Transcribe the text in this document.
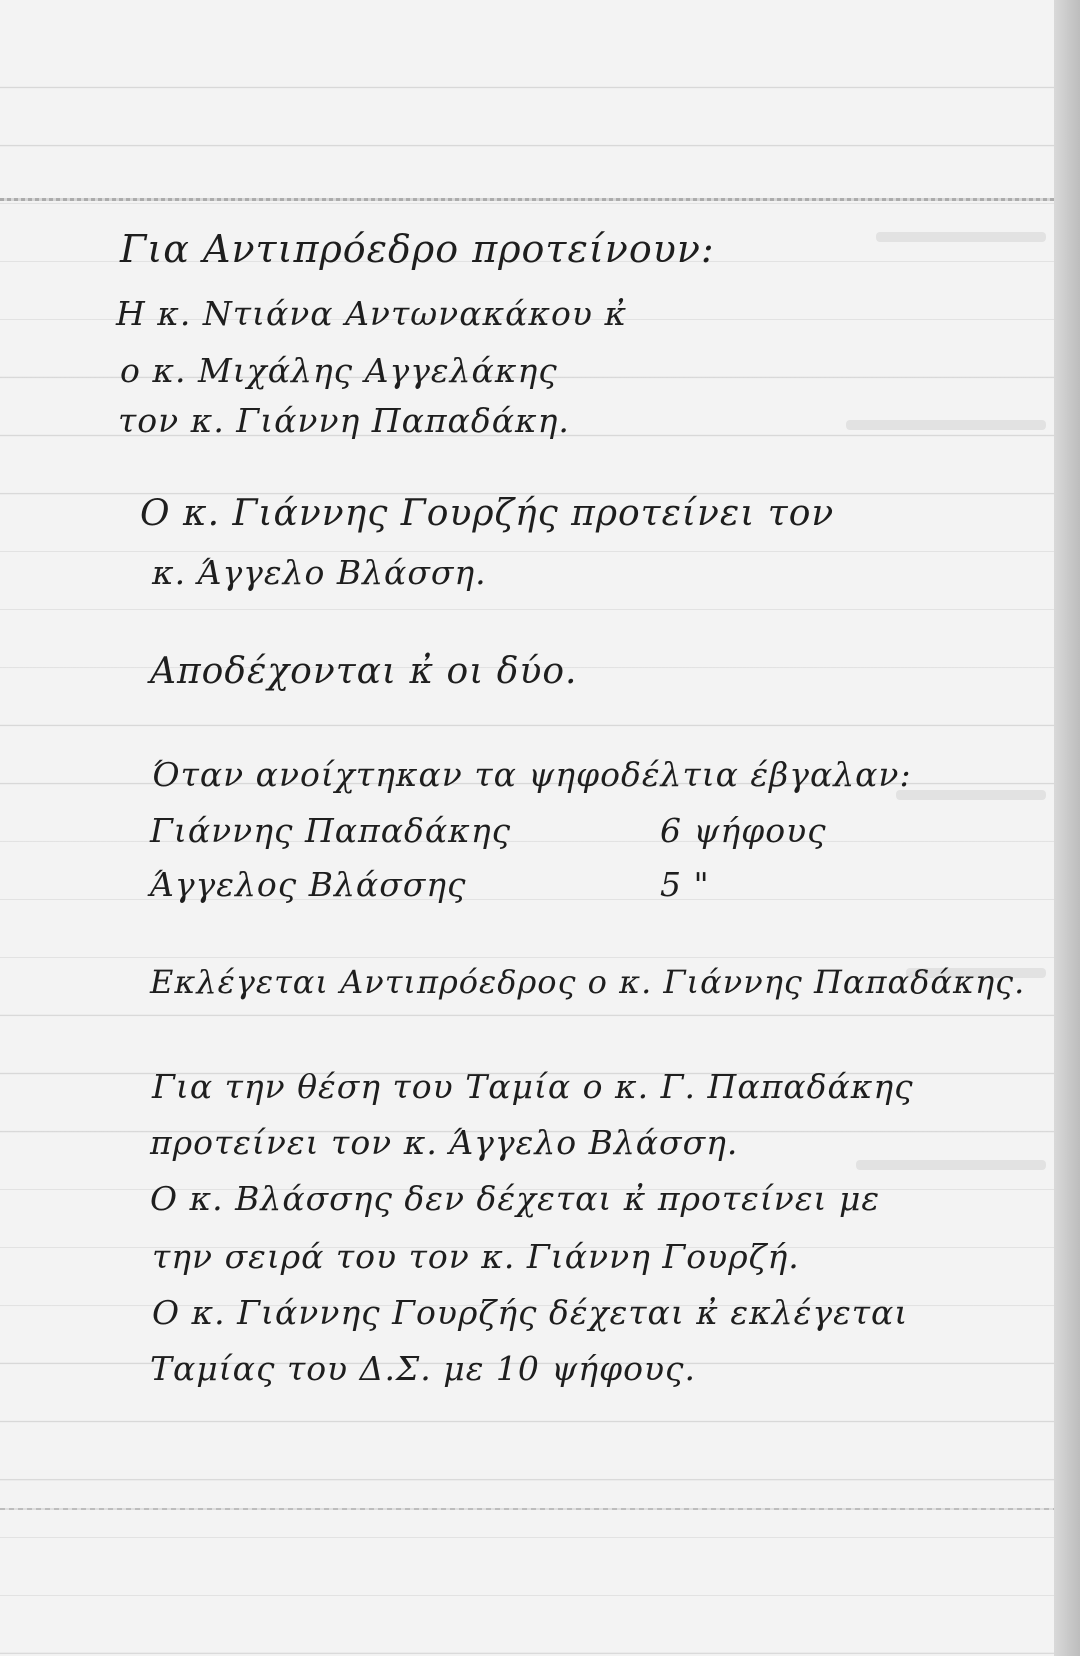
Για Αντιπρόεδρο προτείνουν:

Η κ. Ντιάνα Αντωνακάκου κ̓

ο κ. Μιχάλης Αγγελάκης

τον κ. Γιάννη Παπαδάκη.

Ο κ. Γιάννης Γουρζής προτείνει τον

κ. Άγγελο Βλάσση.

Αποδέχονται κ̓ οι δύο.

Όταν ανοίχτηκαν τα ψηφοδέλτια έβγαλαν:

Γιάννης Παπαδάκης	6 ψήφους
Άγγελος Βλάσσης	5 "

Εκλέγεται Αντιπρόεδρος ο κ. Γιάννης Παπαδάκης.

Για την θέση του Ταμία ο κ. Γ. Παπαδάκης

προτείνει τον κ. Άγγελο Βλάσση.

Ο κ. Βλάσσης δεν δέχεται κ̓ προτείνει με

την σειρά του τον κ. Γιάννη Γουρζή.

Ο κ. Γιάννης Γουρζής δέχεται κ̓ εκλέγεται

Ταμίας του Δ.Σ. με 10 ψήφους.
